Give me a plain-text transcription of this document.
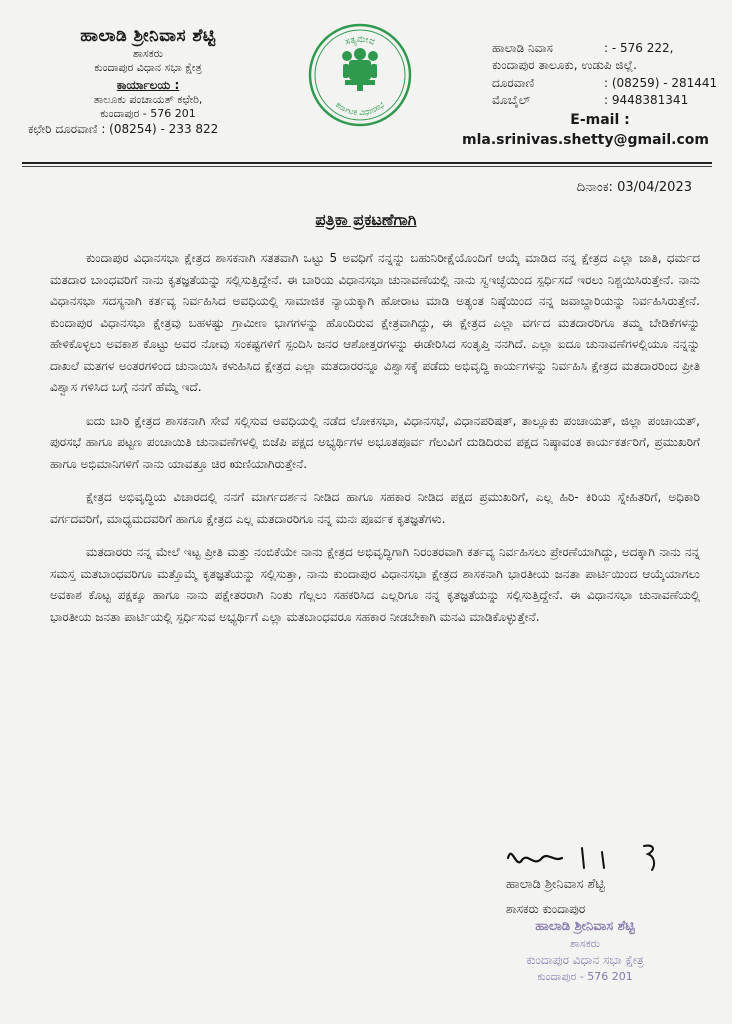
ಹಾಲಾಡಿ ಶ್ರೀನಿವಾಸ ಶೆಟ್ಟಿ
ಶಾಸಕರು
ಕುಂದಾಪುರ ವಿಧಾನ ಸಭಾ ಕ್ಷೇತ್ರ
ಕಾರ್ಯಾಲಯ :
ತಾಲೂಕು ಪಂಚಾಯತ್ ಕಛೇರಿ,
ಕುಂದಾಪುರ - 576 201
ಕಛೇರಿ ದೂರವಾಣಿ : (08254) - 233 822
ಸತ್ಯಮೇವ
ಕರ್ನಾಟಕ ವಿಧಾನಸಭೆ
ಹಾಲಾಡಿ ನಿವಾಸ	: - 576 222,
ಕುಂದಾಪುರ ತಾಲೂಕು, ಉಡುಪಿ ಜಿಲ್ಲೆ.
ದೂರವಾಣಿ	: (08259) - 281441
ಮೊಬೈಲ್	: 9448381341
E-mail :
mla.srinivas.shetty@gmail.com
ದಿನಾಂಕ: 03/04/2023
ಪತ್ರಿಕಾ ಪ್ರಕಟಣೆಗಾಗಿ

ಕುಂದಾಪುರ ವಿಧಾನಸಭಾ ಕ್ಷೇತ್ರದ ಶಾಸಕನಾಗಿ ಸತತವಾಗಿ ಒಟ್ಟು 5 ಅವಧಿಗೆ ನನ್ನನ್ನು ಬಹುನಿರೀಕ್ಷೆಯೊಂದಿಗೆ ಆಯ್ಕೆ ಮಾಡಿದ ನನ್ನ ಕ್ಷೇತ್ರದ ಎಲ್ಲಾ ಜಾತಿ, ಧರ್ಮದ ಮತದಾರ ಬಾಂಧವರಿಗೆ ನಾನು ಕೃತಜ್ಞತೆಯನ್ನು ಸಲ್ಲಿಸುತ್ತಿದ್ದೇನೆ. ಈ ಬಾರಿಯ ವಿಧಾನಸಭಾ ಚುನಾವಣೆಯಲ್ಲಿ ನಾನು ಸ್ವಇಚ್ಛೆಯಿಂದ ಸ್ಪರ್ಧಿಸದೆ ಇರಲು ನಿಶ್ಚಯಿಸಿರುತ್ತೇನೆ. ನಾನು ವಿಧಾನಸಭಾ ಸದಸ್ಯನಾಗಿ ಕರ್ತವ್ಯ ನಿರ್ವಹಿಸಿದ ಅವಧಿಯಲ್ಲಿ ಸಾಮಾಜಿಕ ನ್ಯಾಯಕ್ಕಾಗಿ ಹೋರಾಟ ಮಾಡಿ ಅತ್ಯಂತ ನಿಷ್ಠೆಯಿಂದ ನನ್ನ ಜವಾಬ್ದಾರಿಯನ್ನು ನಿರ್ವಹಿಸಿರುತ್ತೇನೆ. ಕುಂದಾಪುರ ವಿಧಾನಸಭಾ ಕ್ಷೇತ್ರವು ಬಹಳಷ್ಟು ಗ್ರಾಮೀಣ ಭಾಗಗಳನ್ನು ಹೊಂದಿರುವ ಕ್ಷೇತ್ರವಾಗಿದ್ದು, ಈ ಕ್ಷೇತ್ರದ ಎಲ್ಲಾ ವರ್ಗದ ಮತದಾರರಿಗೂ ತಮ್ಮ ಬೇಡಿಕೆಗಳನ್ನು ಹೇಳಿಕೊಳ್ಳಲು ಅವಕಾಶ ಕೊಟ್ಟು ಅವರ ನೋವು ಸಂಕಷ್ಟಗಳಿಗೆ ಸ್ಪಂದಿಸಿ ಜನರ ಆಶೋತ್ತರಗಳನ್ನು ಈಡೇರಿಸಿದ ಸಂತೃಪ್ತಿ ನನಗಿದೆ. ಎಲ್ಲಾ ಐದೂ ಚುನಾವಣೆಗಳಲ್ಲಿಯೂ ನನ್ನನ್ನು ದಾಖಲೆ ಮತಗಳ ಅಂತರಗಳಿಂದ ಚುನಾಯಿಸಿ ಕಳುಹಿಸಿದ ಕ್ಷೇತ್ರದ ಎಲ್ಲಾ ಮತದಾರರನ್ನೂ ವಿಶ್ವಾಸಕ್ಕೆ ಪಡೆದು ಅಭಿವೃದ್ಧಿ ಕಾರ್ಯಗಳನ್ನು ನಿರ್ವಹಿಸಿ ಕ್ಷೇತ್ರದ ಮತದಾರರಿಂದ ಪ್ರೀತಿ ವಿಶ್ವಾಸ ಗಳಿಸಿದ ಬಗ್ಗೆ ನನಗೆ ಹೆಮ್ಮೆ ಇದೆ.

ಐದು ಬಾರಿ ಕ್ಷೇತ್ರದ ಶಾಸಕನಾಗಿ ಸೇವೆ ಸಲ್ಲಿಸುವ ಅವಧಿಯಲ್ಲಿ ನಡೆದ ಲೋಕಸಭಾ, ವಿಧಾನಸಭೆ, ವಿಧಾನಪರಿಷತ್, ತಾಲ್ಲೂಕು ಪಂಚಾಯತ್, ಜಿಲ್ಲಾ ಪಂಚಾಯತ್, ಪುರಸಭೆ ಹಾಗೂ ಪಟ್ಟಣ ಪಂಚಾಯಿತಿ ಚುನಾವಣೆಗಳಲ್ಲಿ ಬಿಜೆಪಿ ಪಕ್ಷದ ಅಭ್ಯರ್ಥಿಗಳ ಅಭೂತಪೂರ್ವ ಗೆಲುವಿಗೆ ದುಡಿದಿರುವ ಪಕ್ಷದ ನಿಷ್ಠಾವಂತ ಕಾರ್ಯಕರ್ತರಿಗೆ, ಪ್ರಮುಖರಿಗೆ ಹಾಗೂ ಅಭಿಮಾನಿಗಳಿಗೆ ನಾನು ಯಾವತ್ತೂ ಚಿರ ಋಣಿಯಾಗಿರುತ್ತೇನೆ.

ಕ್ಷೇತ್ರದ ಅಭಿವೃದ್ಧಿಯ ವಿಚಾರದಲ್ಲಿ ನನಗೆ ಮಾರ್ಗದರ್ಶನ ನೀಡಿದ ಹಾಗೂ ಸಹಕಾರ ನೀಡಿದ ಪಕ್ಷದ ಪ್ರಮುಖರಿಗೆ, ಎಲ್ಲ ಹಿರಿ- ಕಿರಿಯ ಸ್ನೇಹಿತರಿಗೆ, ಅಧಿಕಾರಿ ವರ್ಗದವರಿಗೆ, ಮಾಧ್ಯಮದವರಿಗೆ ಹಾಗೂ ಕ್ಷೇತ್ರದ ಎಲ್ಲ ಮತದಾರರಿಗೂ ನನ್ನ ಮನಃ ಪೂರ್ವಕ ಕೃತಜ್ಞತೆಗಳು.

ಮತದಾರರು ನನ್ನ ಮೇಲೆ ಇಟ್ಟ ಪ್ರೀತಿ ಮತ್ತು ನಂಬಿಕೆಯೇ ನಾನು ಕ್ಷೇತ್ರದ ಅಭಿವೃದ್ಧಿಗಾಗಿ ನಿರಂತರವಾಗಿ ಕರ್ತವ್ಯ ನಿರ್ವಹಿಸಲು ಪ್ರೇರಣೆಯಾಗಿದ್ದು, ಅದಕ್ಕಾಗಿ ನಾನು ನನ್ನ ಸಮಸ್ತ ಮತಬಾಂಧವರಿಗೂ ಮತ್ತೊಮ್ಮೆ ಕೃತಜ್ಞತೆಯನ್ನು ಸಲ್ಲಿಸುತ್ತಾ, ನಾನು ಕುಂದಾಪುರ ವಿಧಾನಸಭಾ ಕ್ಷೇತ್ರದ ಶಾಸಕನಾಗಿ ಭಾರತೀಯ ಜನತಾ ಪಾರ್ಟಿಯಿಂದ ಆಯ್ಕೆಯಾಗಲು ಅವಕಾಶ ಕೊಟ್ಟ ಪಕ್ಷಕ್ಕೂ ಹಾಗೂ ನಾನು ಪಕ್ಷೇತರರಾಗಿ ನಿಂತು ಗೆಲ್ಲಲು ಸಹಕರಿಸಿದ ಎಲ್ಲರಿಗೂ ನನ್ನ ಕೃತಜ್ಞತೆಯನ್ನು ಸಲ್ಲಿಸುತ್ತಿದ್ದೇನೆ. ಈ ವಿಧಾನಸಭಾ ಚುನಾವಣೆಯಲ್ಲಿ ಭಾರತೀಯ ಜನತಾ ಪಾರ್ಟಿಯಲ್ಲಿ ಸ್ಪರ್ಧಿಸುವ ಅಭ್ಯರ್ಥಿಗೆ ಎಲ್ಲಾ ಮತಬಾಂಧವರೂ ಸಹಕಾರ ನೀಡಬೇಕಾಗಿ ಮನವಿ ಮಾಡಿಕೊಳ್ಳುತ್ತೇನೆ.

ಹಾಲಾಡಿ ಶ್ರೀನಿವಾಸ ಶೆಟ್ಟಿ
ಶಾಸಕರು ಕುಂದಾಪುರ
ಹಾಲಾಡಿ ಶ್ರೀನಿವಾಸ ಶೆಟ್ಟಿ
ಶಾಸಕರು
ಕುಂದಾಪುರ ವಿಧಾನ ಸಭಾ ಕ್ಷೇತ್ರ
ಕುಂದಾಪುರ - 576 201
